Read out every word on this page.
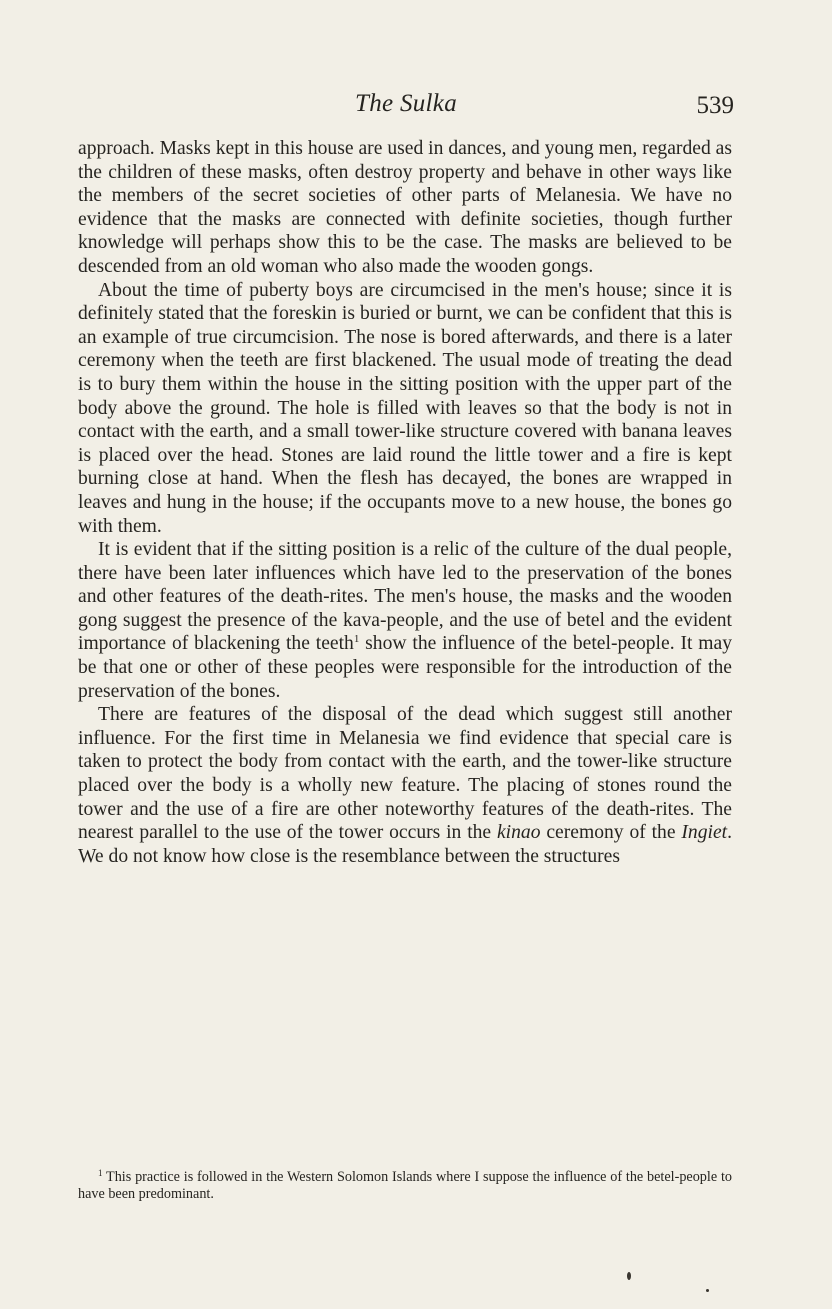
The Sulka	539

approach. Masks kept in this house are used in dances, and young men, regarded as the children of these masks, often destroy property and behave in other ways like the members of the secret societies of other parts of Melanesia. We have no evidence that the masks are connected with definite societies, though further knowledge will perhaps show this to be the case. The masks are believed to be descended from an old woman who also made the wooden gongs.

About the time of puberty boys are circumcised in the men's house; since it is definitely stated that the foreskin is buried or burnt, we can be confident that this is an example of true circumcision. The nose is bored afterwards, and there is a later ceremony when the teeth are first blackened. The usual mode of treating the dead is to bury them within the house in the sitting position with the upper part of the body above the ground. The hole is filled with leaves so that the body is not in contact with the earth, and a small tower-like structure covered with banana leaves is placed over the head. Stones are laid round the little tower and a fire is kept burning close at hand. When the flesh has decayed, the bones are wrapped in leaves and hung in the house; if the occupants move to a new house, the bones go with them.

It is evident that if the sitting position is a relic of the culture of the dual people, there have been later influences which have led to the preservation of the bones and other features of the death-rites. The men's house, the masks and the wooden gong suggest the presence of the kava-people, and the use of betel and the evident importance of blackening the teeth$^1$ show the influence of the betel-people. It may be that one or other of these peoples were responsible for the introduction of the preservation of the bones.

There are features of the disposal of the dead which suggest still another influence. For the first time in Melanesia we find evidence that special care is taken to protect the body from contact with the earth, and the tower-like structure placed over the body is a wholly new feature. The placing of stones round the tower and the use of a fire are other noteworthy features of the death-rites. The nearest parallel to the use of the tower occurs in the kinao ceremony of the Ingiet. We do not know how close is the resemblance between the structures

$^1$ This practice is followed in the Western Solomon Islands where I suppose the influence of the betel-people to have been predominant.
